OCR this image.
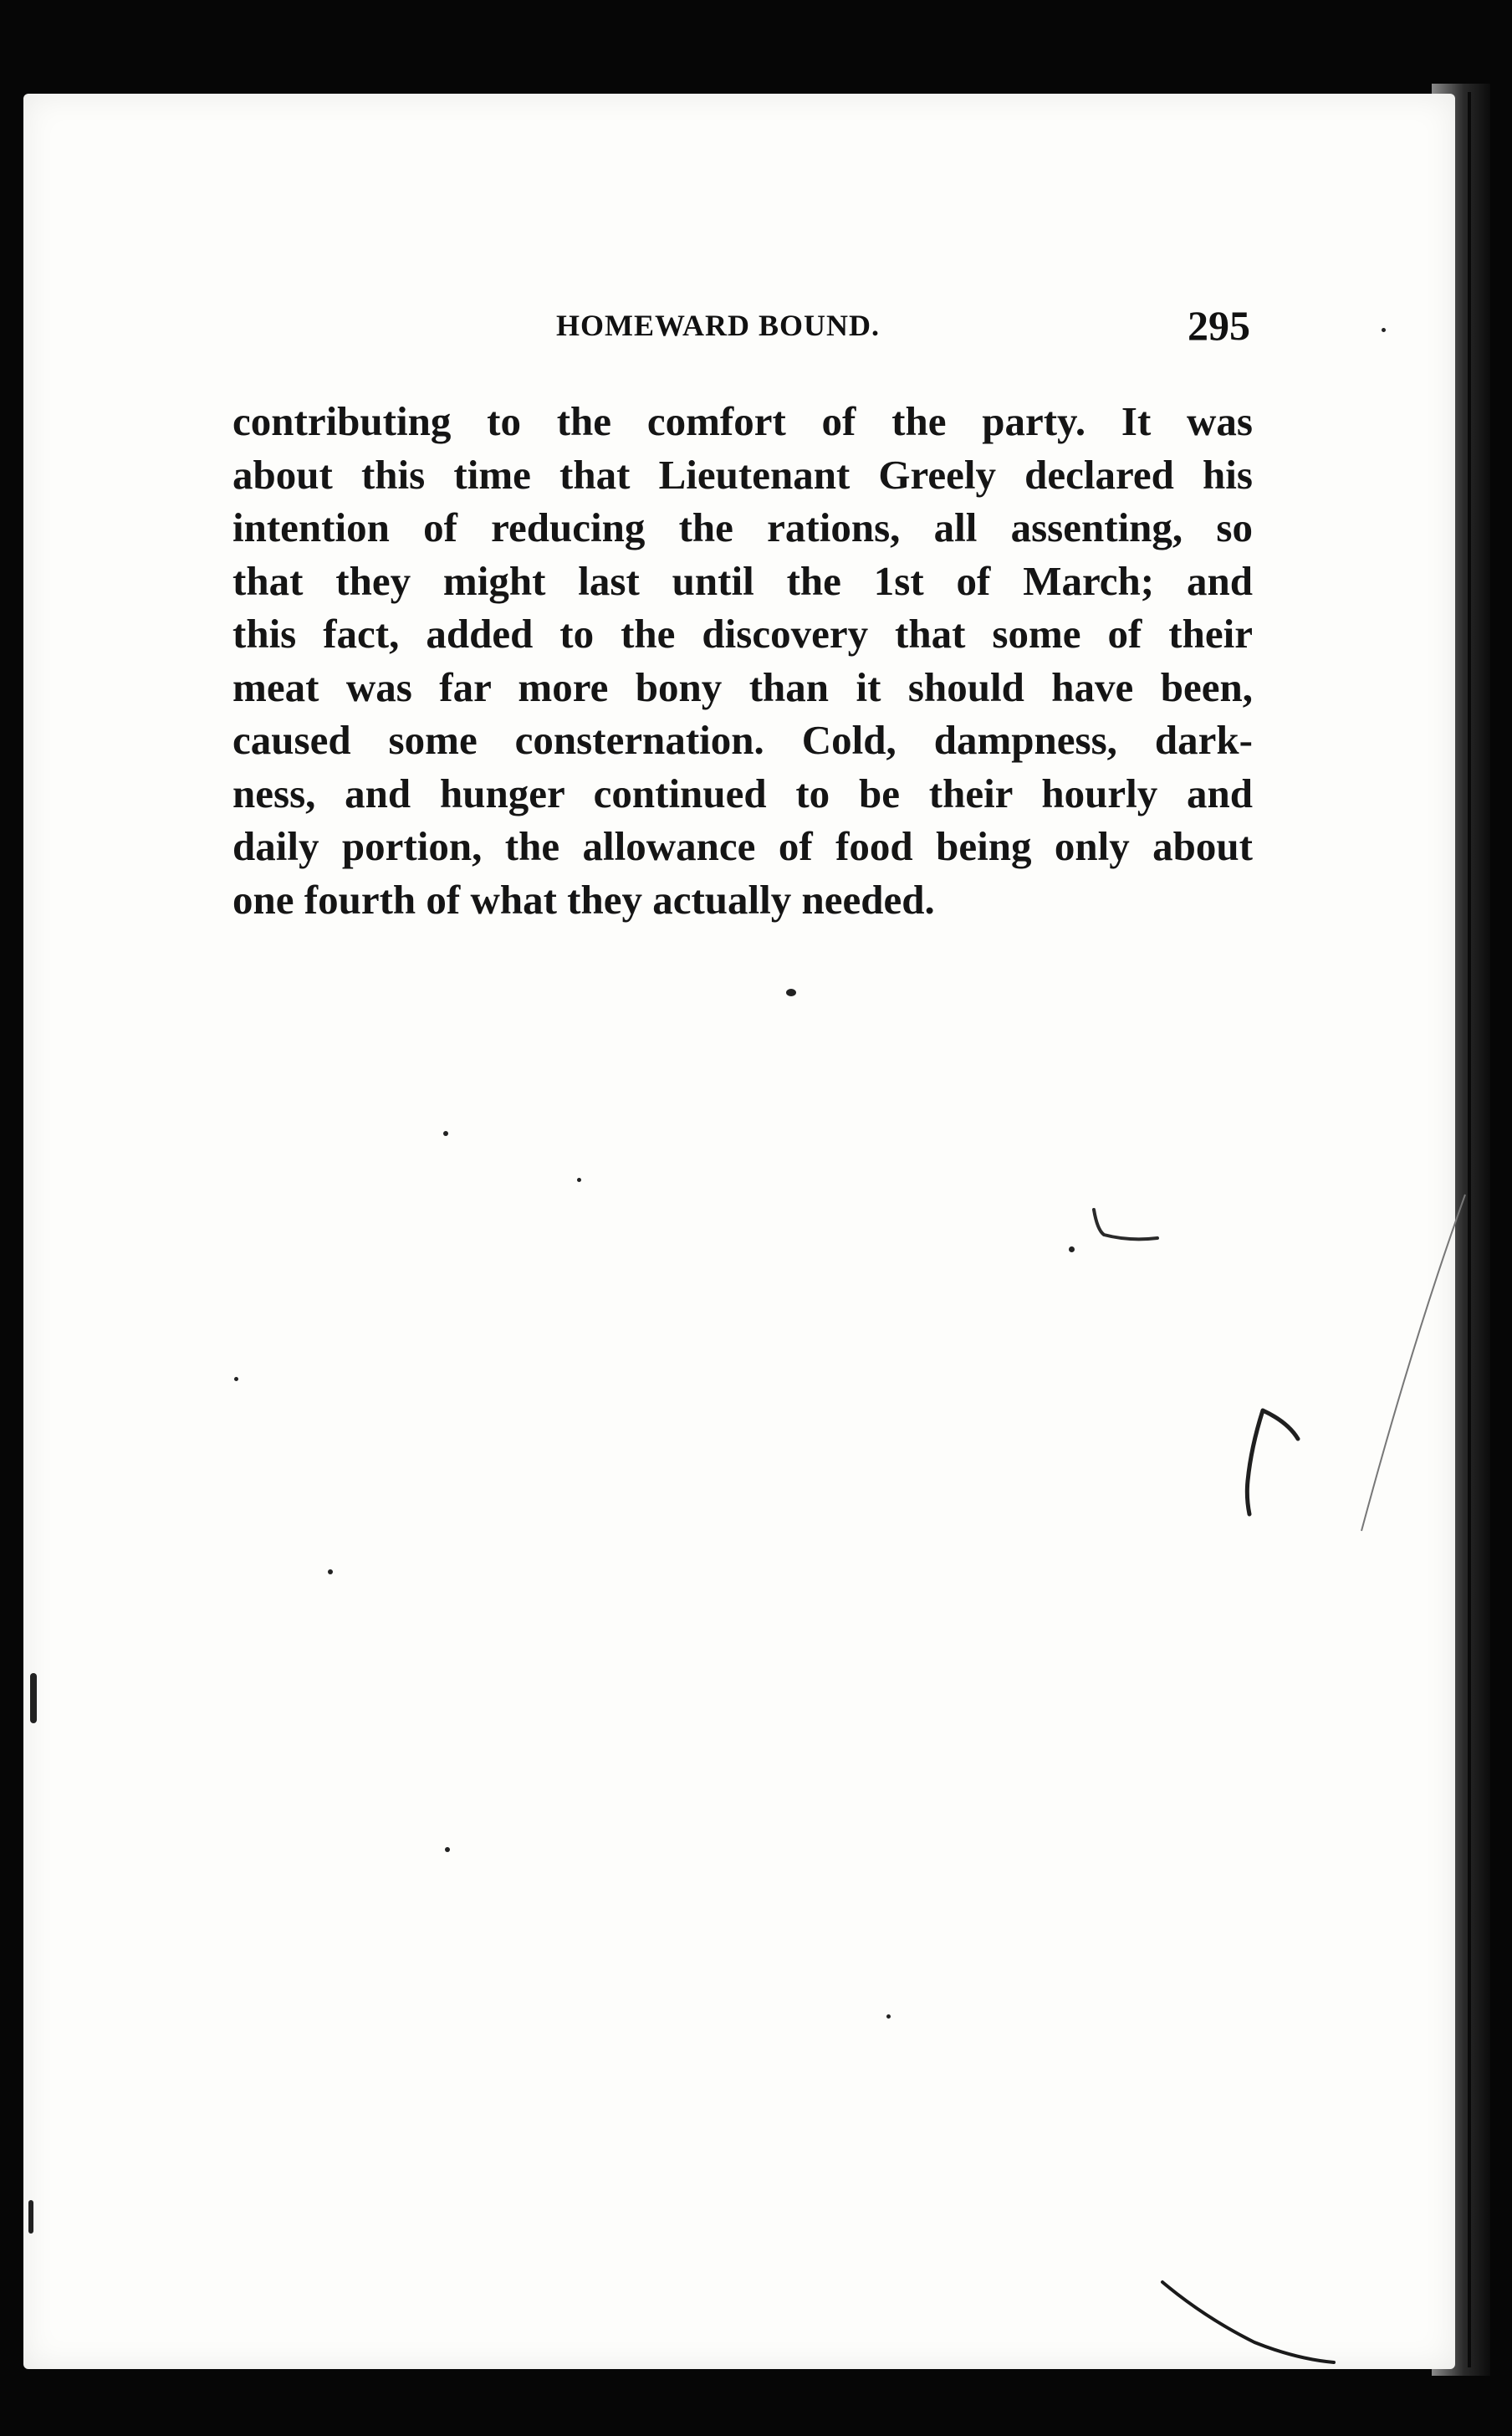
HOMEWARD BOUND.	295
contributing to the comfort of the party. It was
about this time that Lieutenant Greely declared his
intention of reducing the rations, all assenting, so
that they might last until the 1st of March; and
this fact, added to the discovery that some of their
meat was far more bony than it should have been,
caused some consternation. Cold, dampness, dark-
ness, and hunger continued to be their hourly and
daily portion, the allowance of food being only about
one fourth of what they actually needed.
